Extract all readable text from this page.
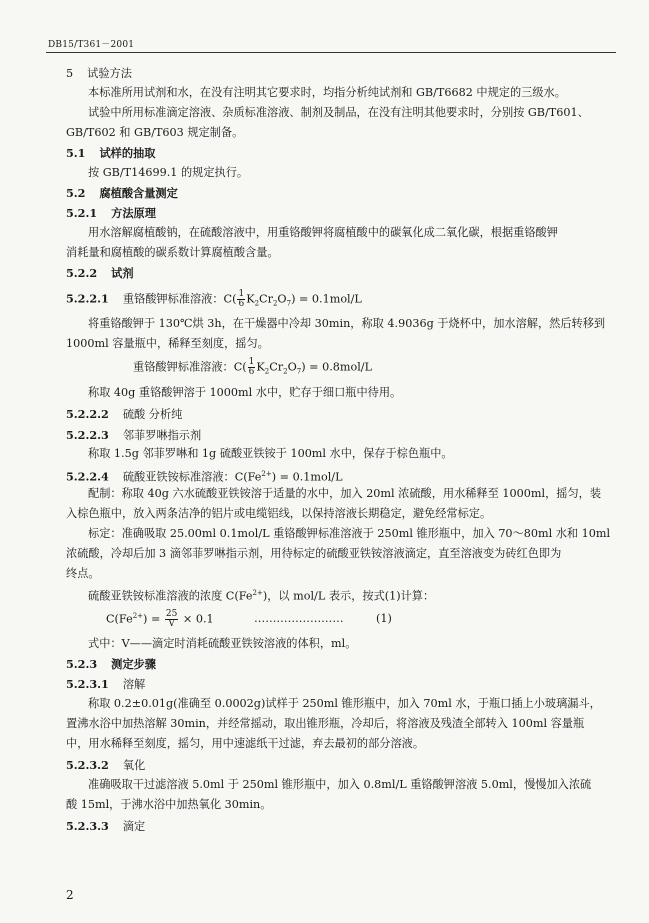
DB15/T361－2001
5 试验方法
本标准所用试剂和水，在没有注明其它要求时，均指分析纯试剂和 GB/T6682 中规定的三级水。
试验中所用标准滴定溶液、杂质标准溶液、制剂及制品，在没有注明其他要求时，分别按 GB/T601、
GB/T602 和 GB/T603 规定制备。
5.1 试样的抽取
按 GB/T14699.1 的规定执行。
5.2 腐植酸含量测定
5.2.1 方法原理
用水溶解腐植酸钠，在硫酸溶液中，用重铬酸钾将腐植酸中的碳氧化成二氧化碳，根据重铬酸钾
消耗量和腐植酸的碳系数计算腐植酸含量。
5.2.2 试剂
5.2.2.1 重铬酸钾标准溶液：$C( \frac{1}{6} K_2Cr_2O_7) = 0.1mol/L$
将重铬酸钾于 130℃烘 3h，在干燥器中冷却 30min，称取 4.9036g 于烧杯中，加水溶解，然后转移到
1000ml 容量瓶中，稀释至刻度，摇匀。
重铬酸钾标准溶液：$C( \frac{1}{6} K_2Cr_2O_7) = 0.8mol/L$
称取 40g 重铬酸钾溶于 1000ml 水中，贮存于细口瓶中待用。
5.2.2.2 硫酸 分析纯
5.2.2.3 邻菲罗啉指示剂
称取 1.5g 邻菲罗啉和 1g 硫酸亚铁铵于 100ml 水中，保存于棕色瓶中。
5.2.2.4 硫酸亚铁铵标准溶液：$C(Fe^{2+}) = 0.1mol/L$
配制：称取 40g 六水硫酸亚铁铵溶于适量的水中，加入 20ml 浓硫酸，用水稀释至 1000ml，摇匀，装
入棕色瓶中，放入两条洁净的铝片或电缆铝线，以保持溶液长期稳定，避免经常标定。
标定：准确吸取 25.00ml 0.1mol/L 重铬酸钾标准溶液于 250ml 锥形瓶中，加入 70～80ml 水和 10ml
浓硫酸，冷却后加 3 滴邻菲罗啉指示剂，用待标定的硫酸亚铁铵溶液滴定，直至溶液变为砖红色即为
终点。
硫酸亚铁铵标准溶液的浓度 $C(Fe^{2+})$，以 mol/L 表示，按式(1)计算：
$C(Fe^{2+}) = \frac{25}{V} \times 0.1$	……………………	(1)
式中：V——滴定时消耗硫酸亚铁铵溶液的体积，ml。
5.2.3 测定步骤
5.2.3.1 溶解
称取 0.2±0.01g(准确至 0.0002g)试样于 250ml 锥形瓶中，加入 70ml 水，于瓶口插上小玻璃漏斗，
置沸水浴中加热溶解 30min，并经常摇动，取出锥形瓶，冷却后，将溶液及残渣全部转入 100ml 容量瓶
中，用水稀释至刻度，摇匀，用中速滤纸干过滤，弃去最初的部分溶液。
5.2.3.2 氧化
准确吸取干过滤溶液 5.0ml 于 250ml 锥形瓶中，加入 0.8ml/L 重铬酸钾溶液 5.0ml，慢慢加入浓硫
酸 15ml，于沸水浴中加热氧化 30min。
5.2.3.3 滴定
2
